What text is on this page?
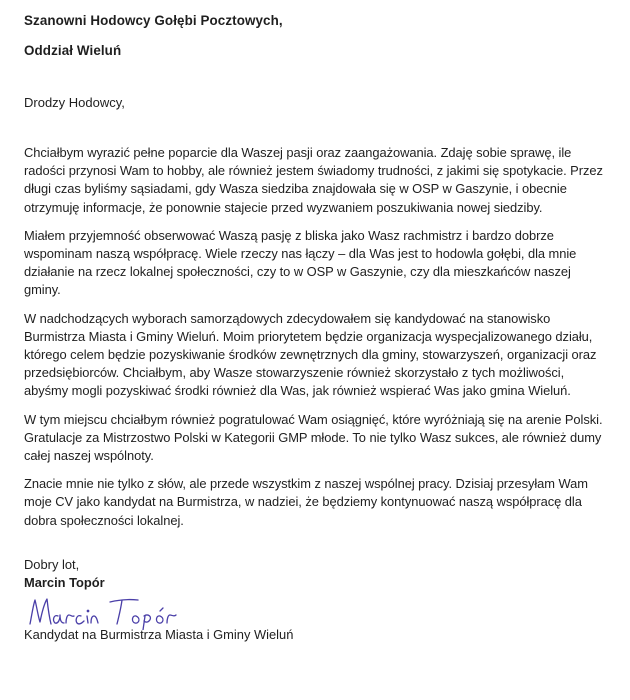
Szanowni Hodowcy Gołębi Pocztowych,

Oddział Wieluń

Drodzy Hodowcy,

Chciałbym wyrazić pełne poparcie dla Waszej pasji oraz zaangażowania. Zdaję sobie sprawę, ile radości przynosi Wam to hobby, ale również jestem świadomy trudności, z jakimi się spotykacie. Przez długi czas byliśmy sąsiadami, gdy Wasza siedziba znajdowała się w OSP w Gaszynie, i obecnie otrzymuję informacje, że ponownie stajecie przed wyzwaniem poszukiwania nowej siedziby.

Miałem przyjemność obserwować Waszą pasję z bliska jako Wasz rachmistrz i bardzo dobrze wspominam naszą współpracę. Wiele rzeczy nas łączy – dla Was jest to hodowla gołębi, dla mnie działanie na rzecz lokalnej społeczności, czy to w OSP w Gaszynie, czy dla mieszkańców naszej gminy.

W nadchodzących wyborach samorządowych zdecydowałem się kandydować na stanowisko Burmistrza Miasta i Gminy Wieluń. Moim priorytetem będzie organizacja wyspecjalizowanego działu, którego celem będzie pozyskiwanie środków zewnętrznych dla gminy, stowarzyszeń, organizacji oraz przedsiębiorców. Chciałbym, aby Wasze stowarzyszenie również skorzystało z tych możliwości, abyśmy mogli pozyskiwać środki również dla Was, jak również wspierać Was jako gmina Wieluń.

W tym miejscu chciałbym również pogratulować Wam osiągnięć, które wyróżniają się na arenie Polski. Gratulacje za Mistrzostwo Polski w Kategorii GMP młode. To nie tylko Wasz sukces, ale również dumy całej naszej wspólnoty.

Znacie mnie nie tylko z słów, ale przede wszystkim z naszej wspólnej pracy. Dzisiaj przesyłam Wam moje CV jako kandydat na Burmistrza, w nadziei, że będziemy kontynuować naszą współpracę dla dobra społeczności lokalnej.

Dobry lot,
Marcin Topór
Kandydat na Burmistrza Miasta i Gminy Wieluń
